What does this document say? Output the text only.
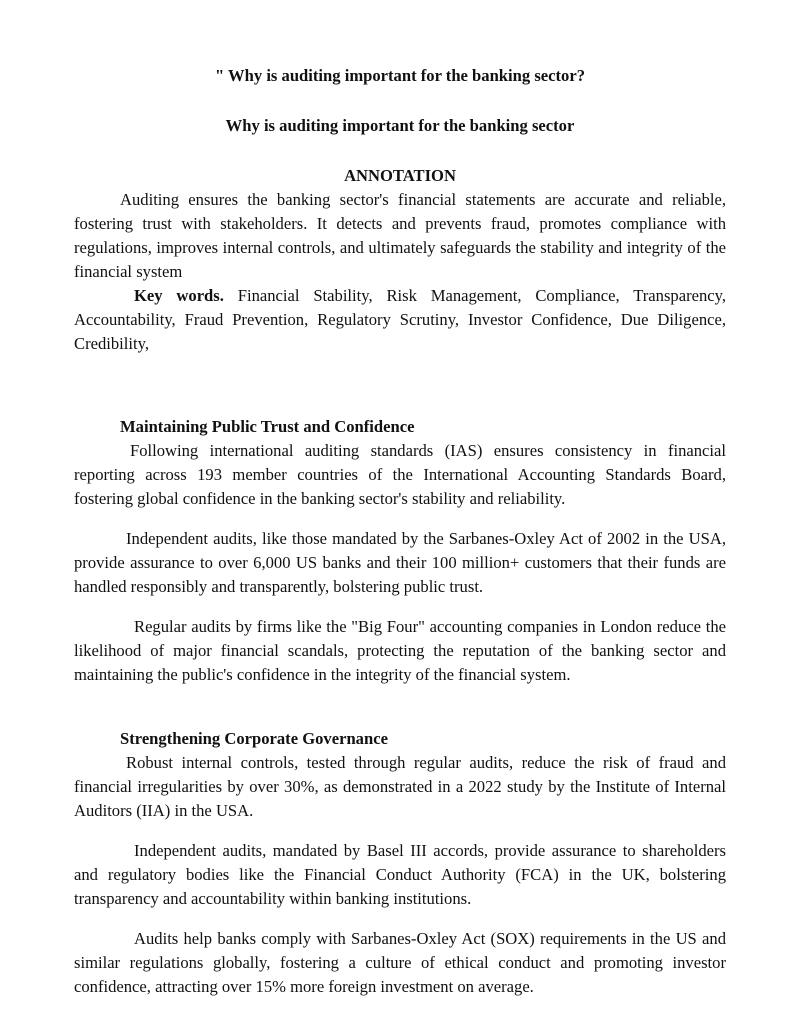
" Why is auditing important for the banking sector?
Why is auditing important for the banking sector
ANNOTATION

Auditing ensures the banking sector's financial statements are accurate and reliable, fostering trust with stakeholders. It detects and prevents fraud, promotes compliance with regulations, improves internal controls, and ultimately safeguards the stability and integrity of the financial system

Key words. Financial Stability, Risk Management, Compliance, Transparency, Accountability, Fraud Prevention, Regulatory Scrutiny, Investor Confidence, Due Diligence, Credibility,

Maintaining Public Trust and Confidence

Following international auditing standards (IAS) ensures consistency in financial reporting across 193 member countries of the International Accounting Standards Board, fostering global confidence in the banking sector's stability and reliability.

Independent audits, like those mandated by the Sarbanes-Oxley Act of 2002 in the USA, provide assurance to over 6,000 US banks and their 100 million+ customers that their funds are handled responsibly and transparently, bolstering public trust.

Regular audits by firms like the "Big Four" accounting companies in London reduce the likelihood of major financial scandals, protecting the reputation of the banking sector and maintaining the public's confidence in the integrity of the financial system.

Strengthening Corporate Governance

Robust internal controls, tested through regular audits, reduce the risk of fraud and financial irregularities by over 30%, as demonstrated in a 2022 study by the Institute of Internal Auditors (IIA) in the USA.

Independent audits, mandated by Basel III accords, provide assurance to shareholders and regulatory bodies like the Financial Conduct Authority (FCA) in the UK, bolstering transparency and accountability within banking institutions.

Audits help banks comply with Sarbanes-Oxley Act (SOX) requirements in the US and similar regulations globally, fostering a culture of ethical conduct and promoting investor confidence, attracting over 15% more foreign investment on average.
